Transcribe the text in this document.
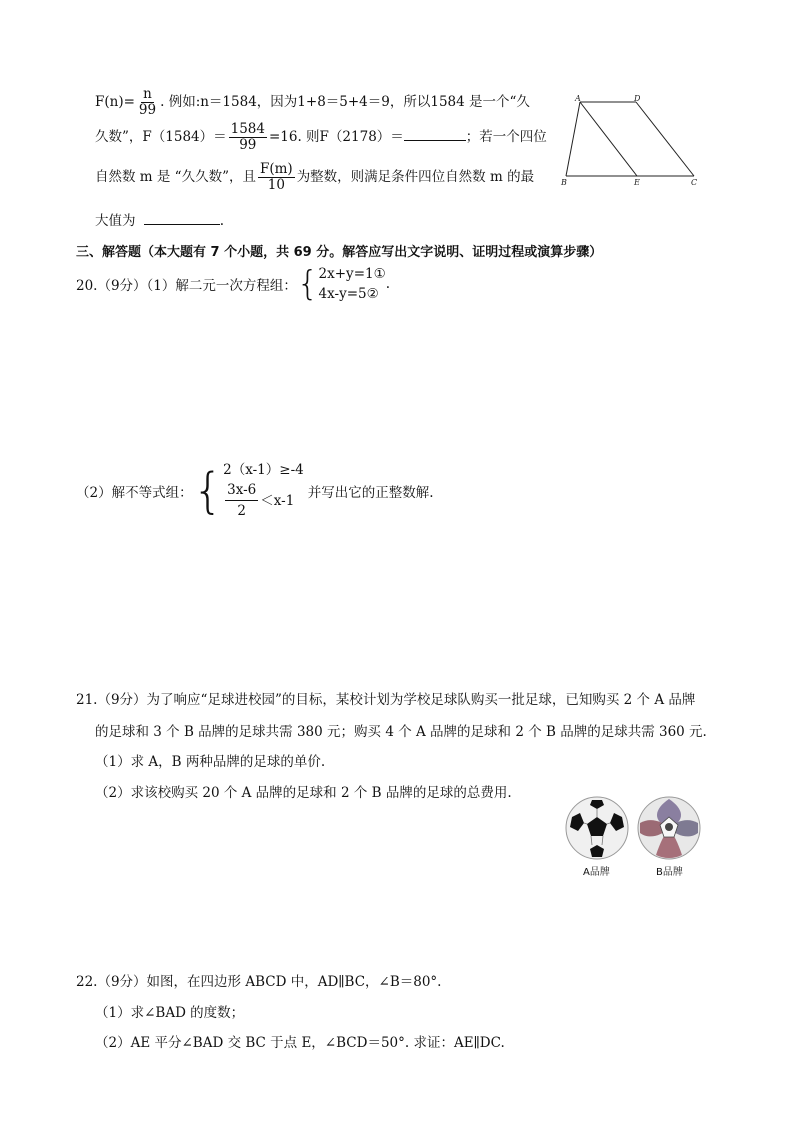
$F(n)= \frac{n}{99}$ . 例如:n＝1584，因为1+8＝5+4＝9，所以1584 是一个“久
久数”，$F(1584)= \frac{1584}{99} =16$. 则F（2178）＝	；若一个四位
自然数 m 是 “久久数”，且 $\frac{F(m)}{10}$ 为整数，则满足条件四位自然数 m 的最
大值为	.
A	D
B	E	C
三、解答题（本大题有 7 个小题，共 69 分。解答应写出文字说明、证明过程或演算步骤）
20.（9分）（1）解二元一次方程组： { 2x+y=1①
4x-y=5②
.
（2）解不等式组： { 2（x-1）≥-4
$\frac{3x-6}{2} <x-1$ 并写出它的正整数解.
21.（9分）为了响应“足球进校园”的目标，某校计划为学校足球队购买一批足球，已知购买 2 个 A 品牌
的足球和 3 个 B 品牌的足球共需 380 元；购买 4 个 A 品牌的足球和 2 个 B 品牌的足球共需 360 元.
（1）求 A，B 两种品牌的足球的单价.
（2）求该校购买 20 个 A 品牌的足球和 2 个 B 品牌的足球的总费用.
A品牌	B品牌
22.（9分）如图，在四边形 ABCD 中，AD∥BC，∠B＝80°.
（1）求∠BAD 的度数；
（2）AE 平分∠BAD 交 BC 于点 E，∠BCD＝50°. 求证：AE∥DC.
